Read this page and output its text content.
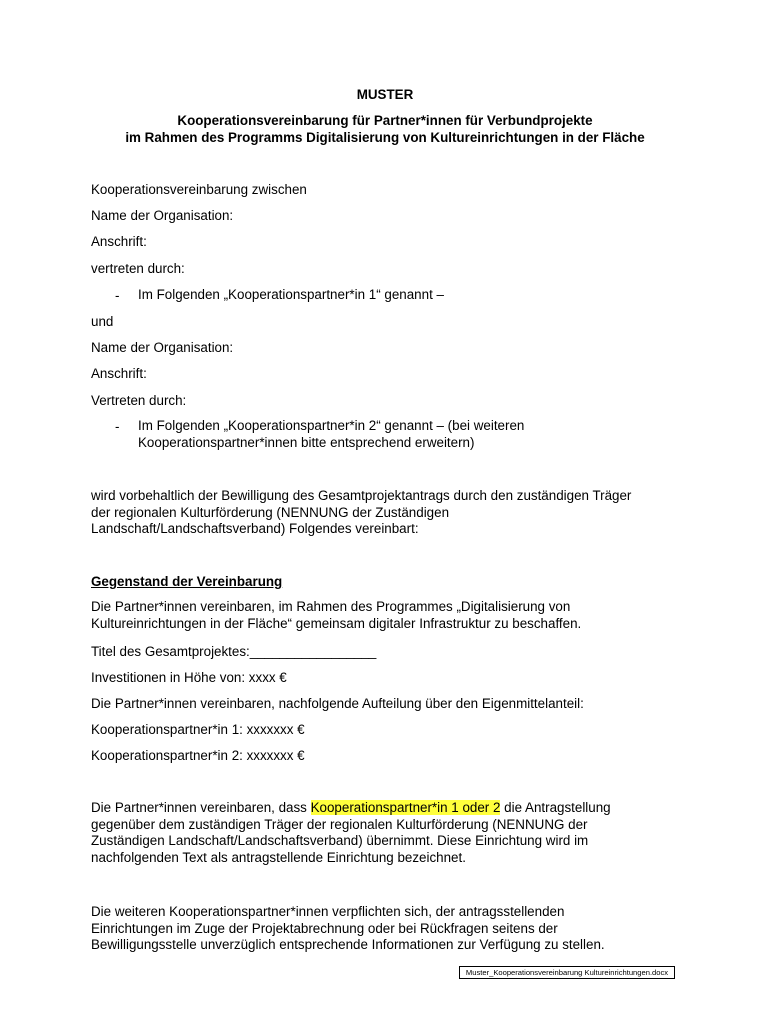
MUSTER
Kooperationsvereinbarung für Partner*innen für Verbundprojekte
im Rahmen des Programms Digitalisierung von Kultureinrichtungen in der Fläche
Kooperationsvereinbarung zwischen
Name der Organisation:
Anschrift:
vertreten durch:
- Im Folgenden „Kooperationspartner*in 1“ genannt –
und
Name der Organisation:
Anschrift:
Vertreten durch:
- Im Folgenden „Kooperationspartner*in 2“ genannt – (bei weiteren
Kooperationspartner*innen bitte entsprechend erweitern)
wird vorbehaltlich der Bewilligung des Gesamtprojektantrags durch den zuständigen Träger
der regionalen Kulturförderung (NENNUNG der Zuständigen
Landschaft/Landschaftsverband) Folgendes vereinbart:
Gegenstand der Vereinbarung
Die Partner*innen vereinbaren, im Rahmen des Programmes „Digitalisierung von
Kultureinrichtungen in der Fläche“ gemeinsam digitaler Infrastruktur zu beschaffen.
Titel des Gesamtprojektes:_________________
Investitionen in Höhe von: xxxx €
Die Partner*innen vereinbaren, nachfolgende Aufteilung über den Eigenmittelanteil:
Kooperationspartner*in 1: xxxxxxx €
Kooperationspartner*in 2: xxxxxxx €
Die Partner*innen vereinbaren, dass Kooperationspartner*in 1 oder 2 die Antragstellung
gegenüber dem zuständigen Träger der regionalen Kulturförderung (NENNUNG der
Zuständigen Landschaft/Landschaftsverband) übernimmt. Diese Einrichtung wird im
nachfolgenden Text als antragstellende Einrichtung bezeichnet.
Die weiteren Kooperationspartner*innen verpflichten sich, der antragsstellenden
Einrichtungen im Zuge der Projektabrechnung oder bei Rückfragen seitens der
Bewilligungsstelle unverzüglich entsprechende Informationen zur Verfügung zu stellen.
Muster_Kooperationsvereinbarung Kultureinrichtungen.docx
